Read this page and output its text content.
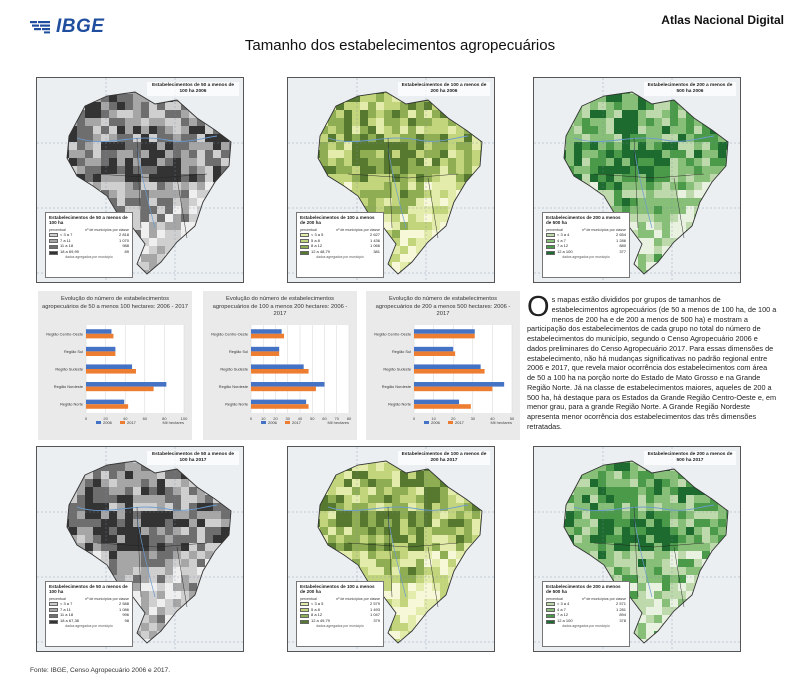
IBGE	Atlas Nacional Digital
Tamanho dos estabelecimentos agropecuários
Estabelecimentos de 50 a menos de 100 ha 2006
Estabelecimentos de 50 a menos de 100 ha
percentual	nº de municípios por classe
< 3 a 7	2 818
7 a 11	1 070
11 a 18	988
18 a 69,99	89
dados agregados por município
Estabelecimentos de 100 a menos de 200 ha 2006
Estabelecimentos de 100 a menos de 200 ha
percentual	nº de municípios por classe
< 3 a 5	2 627
5 a 8	1 436
8 a 12	1 066
12 a 48,79	381
dados agregados por município
Estabelecimentos de 200 a menos de 500 ha 2006
Estabelecimentos de 200 a menos de 500 ha
percentual	nº de municípios por classe
< 3 a 4	2 654
4 a 7	1 286
7 a 12	880
12 a 100	377
dados agregados por município
Estabelecimentos de 50 a menos de 100 ha 2017
Estabelecimentos de 50 a menos de 100 ha
percentual	nº de municípios por classe
< 3 a 7	2 588
7 a 11	1 086
11 a 18	996
18 a 67,38	98
dados agregados por município
Estabelecimentos de 100 a menos de 200 ha 2017
Estabelecimentos de 100 a menos de 200 ha
percentual	nº de municípios por classe
< 3 a 5	2 579
5 a 8	1 493
8 a 12	1 047
12 a 49,79	379
dados agregados por município
Estabelecimentos de 200 a menos de 500 ha 2017
Estabelecimentos de 200 a menos de 500 ha
percentual	nº de municípios por classe
< 3 a 4	2 571
4 a 7	1 281
7 a 12	894
12 a 100	378
dados agregados por município
Evolução do número de estabelecimentos agropecuários de 50 a menos 100 hectares: 2006 - 2017
0	20	40	60	80	100
Região Centro-Oeste
Região Sul
Região Sudeste
Região Nordeste
Região Norte
2006	2017	Mil hectares
Evolução do número de estabelecimentos agropecuários de 100 a menos 200 hectares: 2006 - 2017
0 10 20 30 40 50 60 70 80
Região Centro-Oeste
Região Sul
Região Sudeste
Região Nordeste
Região Norte
2006	2017	Mil hectares
Evolução do número de estabelecimentos agropecuários de 200 a menos 500 hectares: 2006 - 2017
0	10	20	30	40	50
Região Centro-Oeste
Região Sul
Região Sudeste
Região Nordeste
Região Norte
2006	2017	Mil hectares
Os mapas estão divididos por grupos de tamanhos de estabelecimentos agropecuários (de 50 a menos de 100 ha, de 100 a menos de 200 ha e de 200 a menos de 500 ha) e mostram a participação dos estabelecimentos de cada grupo no total do número de estabelecimentos do município, segundo o Censo Agropecuário 2006 e dados preliminares do Censo Agropecuário 2017. Para essas dimensões de estabelecimento, não há mudanças significativas no padrão regional entre 2006 e 2017, que revela maior ocorrência dos estabelecimentos com área de 50 a 100 ha na porção norte do Estado de Mato Grosso e na Grande Região Norte. Já na classe de estabelecimentos maiores, aqueles de 200 a 500 ha, há destaque para os Estados da Grande Região Centro-Oeste e, em menor grau, para a grande Região Norte. A Grande Região Nordeste apresenta menor ocorrência dos estabelecimentos das três dimensões retratadas.
Fonte: IBGE, Censo Agropecuário 2006 e 2017.
